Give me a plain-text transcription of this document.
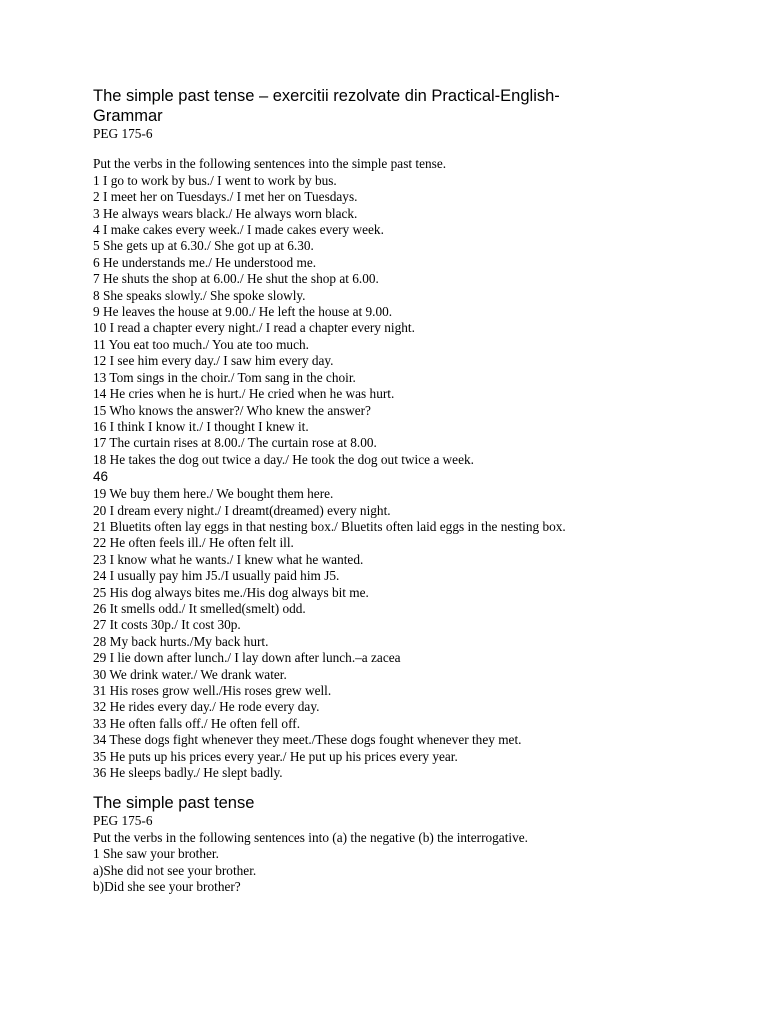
The simple past tense – exercitii rezolvate din Practical-English-
Grammar
PEG 175-6
Put the verbs in the following sentences into the simple past tense.
1 I go to work by bus./ I went to work by bus.
2 I meet her on Tuesdays./ I met her on Tuesdays.
3 He always wears black./ He always worn black.
4 I make cakes every week./ I made cakes every week.
5 She gets up at 6.30./ She got up at 6.30.
6 He understands me./ He understood me.
7 He shuts the shop at 6.00./ He shut the shop at 6.00.
8 She speaks slowly./ She spoke slowly.
9 He leaves the house at 9.00./ He left the house at 9.00.
10 I read a chapter every night./ I read a chapter every night.
11 You eat too much./ You ate too much.
12 I see him every day./ I saw him every day.
13 Tom sings in the choir./ Tom sang in the choir.
14 He cries when he is hurt./ He cried when he was hurt.
15 Who knows the answer?/ Who knew the answer?
16 I think I know it./ I thought I knew it.
17 The curtain rises at 8.00./ The curtain rose at 8.00.
18 He takes the dog out twice a day./ He took the dog out twice a week.
46
19 We buy them here./ We bought them here.
20 I dream every night./ I dreamt(dreamed) every night.
21 Bluetits often lay eggs in that nesting box./ Bluetits often laid eggs in the nesting box.
22 He often feels ill./ He often felt ill.
23 I know what he wants./ I knew what he wanted.
24 I usually pay him J5./I usually paid him J5.
25 His dog always bites me./His dog always bit me.
26 It smells odd./ It smelled(smelt) odd.
27 It costs 30p./ It cost 30p.
28 My back hurts./My back hurt.
29 I lie down after lunch./ I lay down after lunch.–a zacea
30 We drink water./ We drank water.
31 His roses grow well./His roses grew well.
32 He rides every day./ He rode every day.
33 He often falls off./ He often fell off.
34 These dogs fight whenever they meet./These dogs fought whenever they met.
35 He puts up his prices every year./ He put up his prices every year.
36 He sleeps badly./ He slept badly.
The simple past tense
PEG 175-6
Put the verbs in the following sentences into (a) the negative (b) the interrogative.
1 She saw your brother.
a)She did not see your brother.
b)Did she see your brother?
